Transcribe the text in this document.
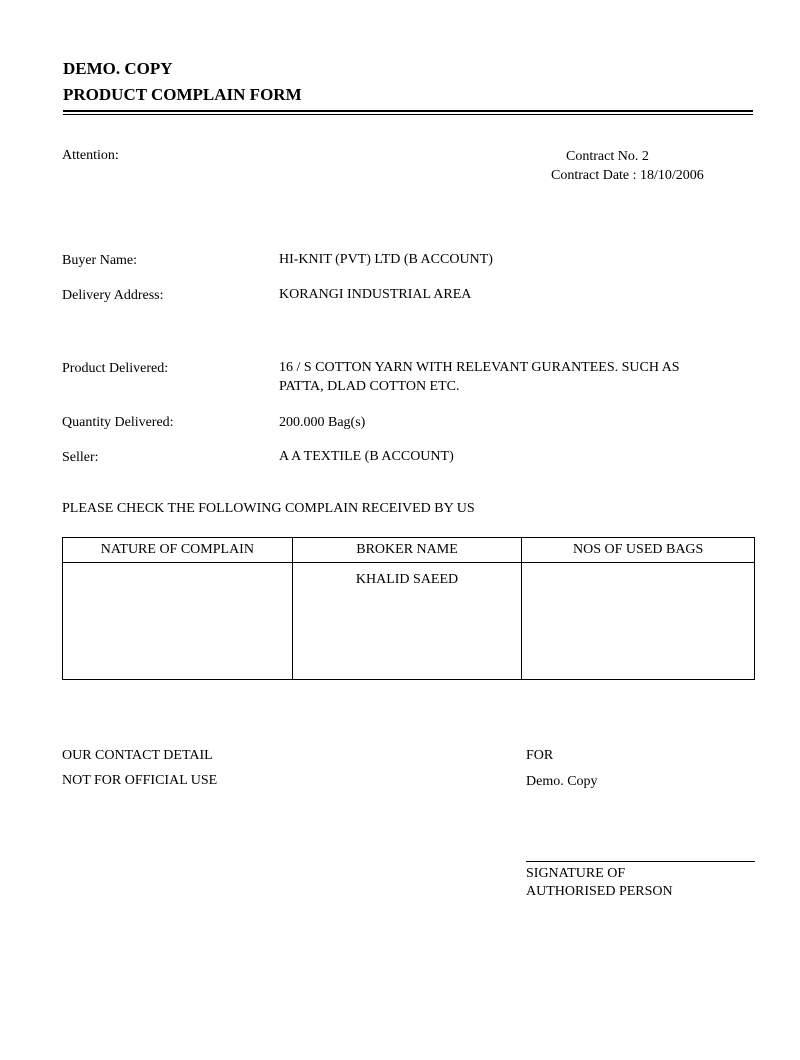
DEMO. COPY
PRODUCT COMPLAIN FORM
Attention:	Contract No. 2
Contract Date : 18/10/2006
Buyer Name:	HI-KNIT (PVT) LTD (B ACCOUNT)
Delivery Address:	KORANGI INDUSTRIAL AREA
Product Delivered:	16 / S COTTON YARN WITH RELEVANT GURANTEES. SUCH AS
PATTA, DLAD COTTON ETC.
Quantity Delivered:	200.000 Bag(s)
Seller:	A A TEXTILE (B ACCOUNT)
PLEASE CHECK THE FOLLOWING COMPLAIN RECEIVED BY US
NATURE OF COMPLAIN	BROKER NAME	NOS OF USED BAGS
	KHALID SAEED	
OUR CONTACT DETAIL
NOT FOR OFFICIAL USE
FOR
Demo. Copy
SIGNATURE OF
AUTHORISED PERSON
